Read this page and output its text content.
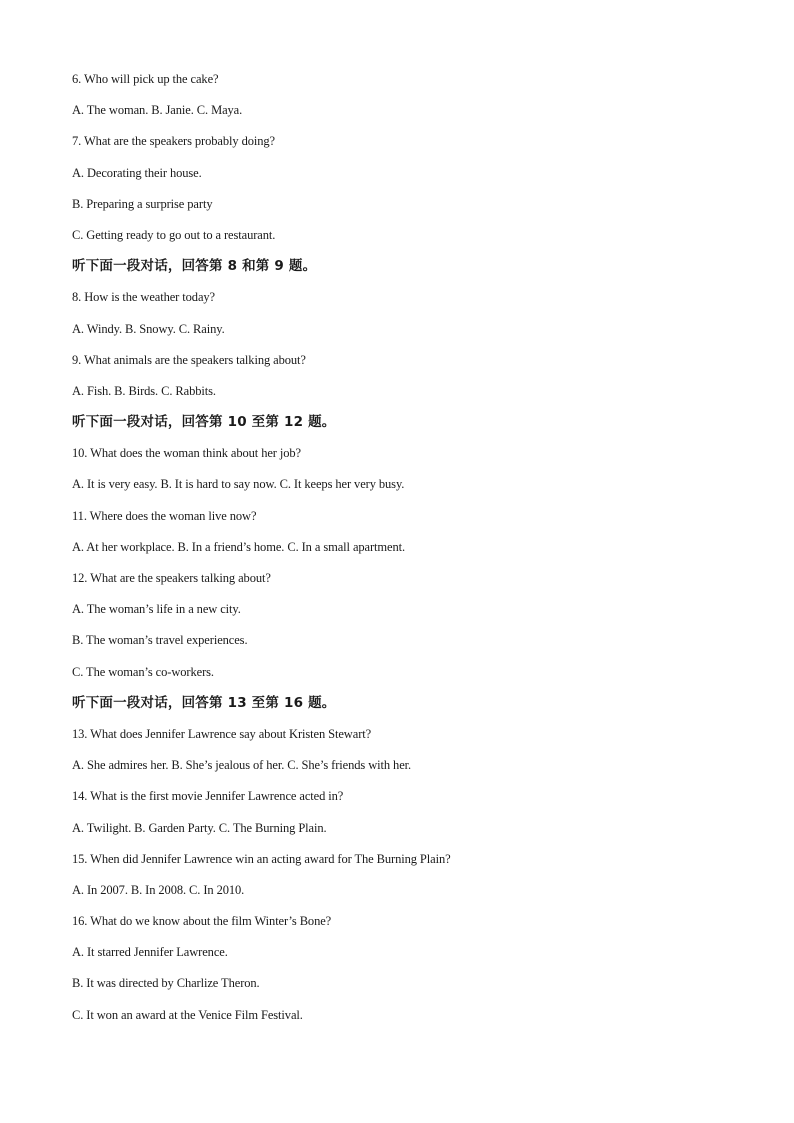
6. Who will pick up the cake?
A. The woman. B. Janie. C. Maya.
7. What are the speakers probably doing?
A. Decorating their house.
B. Preparing a surprise party
C. Getting ready to go out to a restaurant.
听下面一段对话，回答第 8 和第 9 题。
8. How is the weather today?
A. Windy. B. Snowy. C. Rainy.
9. What animals are the speakers talking about?
A. Fish. B. Birds. C. Rabbits.
听下面一段对话，回答第 10 至第 12 题。
10. What does the woman think about her job?
A. It is very easy. B. It is hard to say now. C. It keeps her very busy.
11. Where does the woman live now?
A. At her workplace. B. In a friend’s home. C. In a small apartment.
12. What are the speakers talking about?
A. The woman’s life in a new city.
B. The woman’s travel experiences.
C. The woman’s co-workers.
听下面一段对话，回答第 13 至第 16 题。
13. What does Jennifer Lawrence say about Kristen Stewart?
A. She admires her. B. She’s jealous of her. C. She’s friends with her.
14. What is the first movie Jennifer Lawrence acted in?
A. Twilight. B. Garden Party. C. The Burning Plain.
15. When did Jennifer Lawrence win an acting award for The Burning Plain?
A. In 2007. B. In 2008. C. In 2010.
16. What do we know about the film Winter’s Bone?
A. It starred Jennifer Lawrence.
B. It was directed by Charlize Theron.
C. It won an award at the Venice Film Festival.
